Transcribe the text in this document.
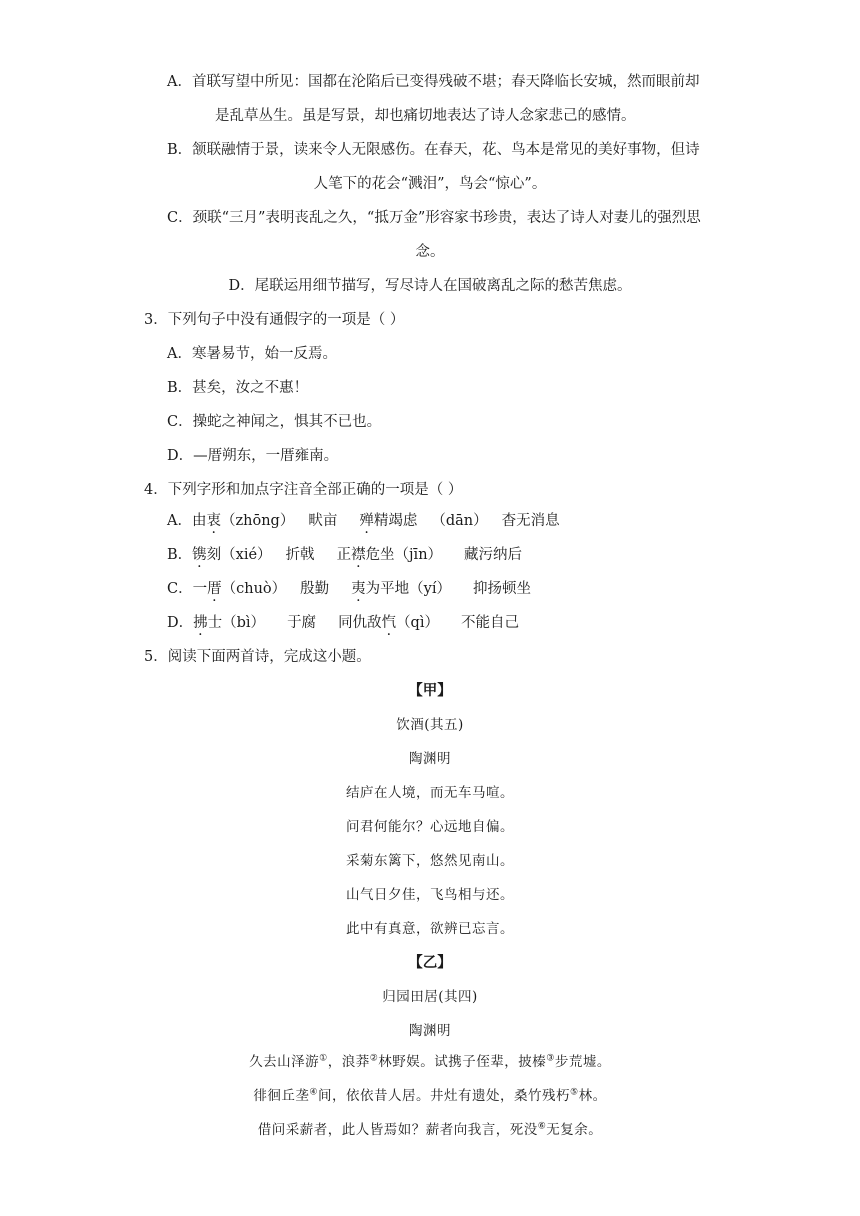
A．首联写望中所见：国都在沦陷后已变得残破不堪；春天降临长安城，然而眼前却
是乱草丛生。虽是写景，却也痛切地表达了诗人念家悲己的感情。
B．颔联融情于景，读来令人无限感伤。在春天，花、鸟本是常见的美好事物，但诗
人笔下的花会“溅泪”，鸟会“惊心”。
C．颈联“三月”表明丧乱之久，“抵万金”形容家书珍贵，表达了诗人对妻儿的强烈思
念。
D．尾联运用细节描写，写尽诗人在国破离乱之际的愁苦焦虑。
3．下列句子中没有通假字的一项是（ ）
A．寒暑易节，始一反焉。
B．甚矣，汝之不惠！
C．操蛇之神闻之，惧其不已也。
D．—厝朔东，一厝雍南。
4．下列字形和加点字注音全部正确的一项是（ ）
A．由衷（zhōng） 畎亩 殚精竭虑 （dān） 杳无消息
B．镌刻（xié） 折戟 正襟危坐（jīn） 藏污纳后
C．一厝（chuò） 殷勤 夷为平地（yí） 抑扬顿坐
D．拂士（bì） 于腐 同仇敌忾（qì） 不能自己
5．阅读下面两首诗，完成这小题。
【甲】
饮酒(其五)
陶渊明
结庐在人境，而无车马喧。
问君何能尔？心远地自偏。
采菊东篱下，悠然见南山。
山气日夕佳，飞鸟相与还。
此中有真意，欲辨已忘言。
【乙】
归园田居(其四)
陶渊明
久去山泽游①，浪莽②林野娱。试携子侄辈，披榛③步荒墟。
徘徊丘垄④间，依依昔人居。井灶有遗处，桑竹残朽⑤林。
借问采薪者，此人皆焉如？薪者向我言，死没⑥无复余。
